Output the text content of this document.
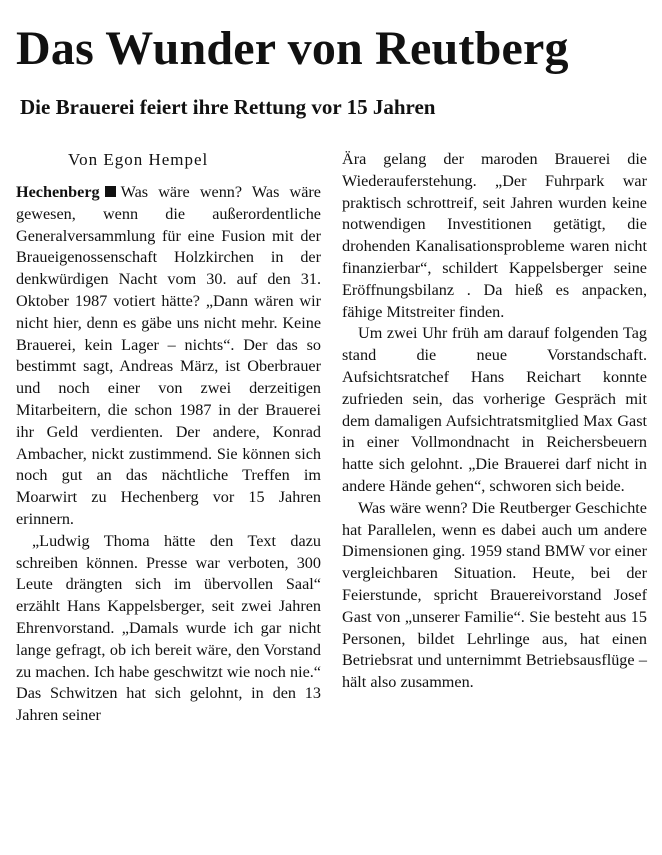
Das Wunder von Reutberg
Die Brauerei feiert ihre Rettung vor 15 Jahren

Von Egon Hempel

Hechenberg Was wäre wenn? Was wäre gewesen, wenn die außerordentliche Generalversammlung für eine Fusion mit der Braueigenossenschaft Holzkirchen in der denkwürdigen Nacht vom 30. auf den 31. Oktober 1987 votiert hätte? „Dann wären wir nicht hier, denn es gäbe uns nicht mehr. Keine Brauerei, kein Lager – nichts“. Der das so bestimmt sagt, Andreas März, ist Oberbrauer und noch einer von zwei derzeitigen Mitarbeitern, die schon 1987 in der Brauerei ihr Geld verdienten. Der andere, Konrad Ambacher, nickt zustimmend. Sie können sich noch gut an das nächtliche Treffen im Moarwirt zu Hechenberg vor 15 Jahren erinnern.

„Ludwig Thoma hätte den Text dazu schreiben können. Presse war verboten, 300 Leute drängten sich im übervollen Saal“ erzählt Hans Kappelsberger, seit zwei Jahren Ehrenvorstand. „Damals wurde ich gar nicht lange gefragt, ob ich bereit wäre, den Vorstand zu machen. Ich habe geschwitzt wie noch nie.“ Das Schwitzen hat sich gelohnt, in den 13 Jahren seiner

Ära gelang der maroden Brauerei die Wiederauferstehung. „Der Fuhrpark war praktisch schrottreif, seit Jahren wurden keine notwendigen Investitionen getätigt, die drohenden Kanalisationsprobleme waren nicht finanzierbar“, schildert Kappelsberger seine Eröffnungsbilanz . Da hieß es anpacken, fähige Mitstreiter finden.

Um zwei Uhr früh am darauf folgenden Tag stand die neue Vorstandschaft. Aufsichtsratchef Hans Reichart konnte zufrieden sein, das vorherige Gespräch mit dem damaligen Aufsichtratsmitglied Max Gast in einer Vollmondnacht in Reichersbeuern hatte sich gelohnt. „Die Brauerei darf nicht in andere Hände gehen“, schworen sich beide.

Was wäre wenn? Die Reutberger Geschichte hat Parallelen, wenn es dabei auch um andere Dimensionen ging. 1959 stand BMW vor einer vergleichbaren Situation. Heute, bei der Feierstunde, spricht Brauereivorstand Josef Gast von „unserer Familie“. Sie besteht aus 15 Personen, bildet Lehrlinge aus, hat einen Betriebsrat und unternimmt Betriebsausflüge – hält also zusammen.
